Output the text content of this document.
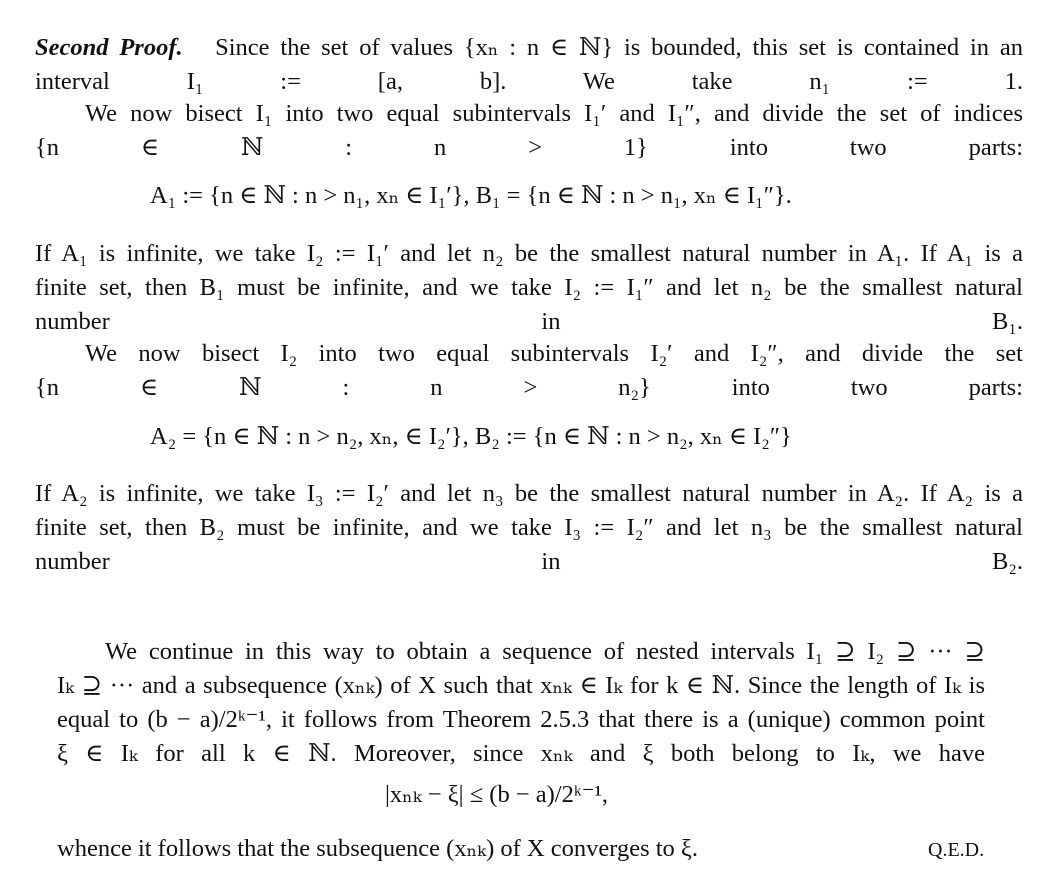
Second Proof. Since the set of values {xₙ : n ∈ ℕ} is bounded, this set is contained in an
interval I₁ := [a, b]. We take n₁ := 1.
We now bisect I₁ into two equal subintervals I₁′ and I₁″, and divide the set of indices
{n ∈ ℕ : n > 1} into two parts:
A₁ := {n ∈ ℕ : n > n₁, xₙ ∈ I₁′}, B₁ = {n ∈ ℕ : n > n₁, xₙ ∈ I₁″}.
If A₁ is infinite, we take I₂ := I₁′ and let n₂ be the smallest natural number in A₁. If A₁ is a
finite set, then B₁ must be infinite, and we take I₂ := I₁″ and let n₂ be the smallest natural
number in B₁.
We now bisect I₂ into two equal subintervals I₂′ and I₂″, and divide the set
{n ∈ ℕ : n > n₂} into two parts:
A₂ = {n ∈ ℕ : n > n₂, xₙ, ∈ I₂′}, B₂ := {n ∈ ℕ : n > n₂, xₙ ∈ I₂″}
If A₂ is infinite, we take I₃ := I₂′ and let n₃ be the smallest natural number in A₂. If A₂ is a
finite set, then B₂ must be infinite, and we take I₃ := I₂″ and let n₃ be the smallest natural
number in B₂.
We continue in this way to obtain a sequence of nested intervals I₁ ⊇ I₂ ⊇ ··· ⊇
Iₖ ⊇ ··· and a subsequence (xₙₖ) of X such that xₙₖ ∈ Iₖ for k ∈ ℕ. Since the length of Iₖ is
equal to (b − a)/2ᵏ⁻¹, it follows from Theorem 2.5.3 that there is a (unique) common point
ξ ∈ Iₖ for all k ∈ ℕ. Moreover, since xₙₖ and ξ both belong to Iₖ, we have
|xₙₖ − ξ| ≤ (b − a)/2ᵏ⁻¹,
whence it follows that the subsequence (xₙₖ) of X converges to ξ.	Q.E.D.
